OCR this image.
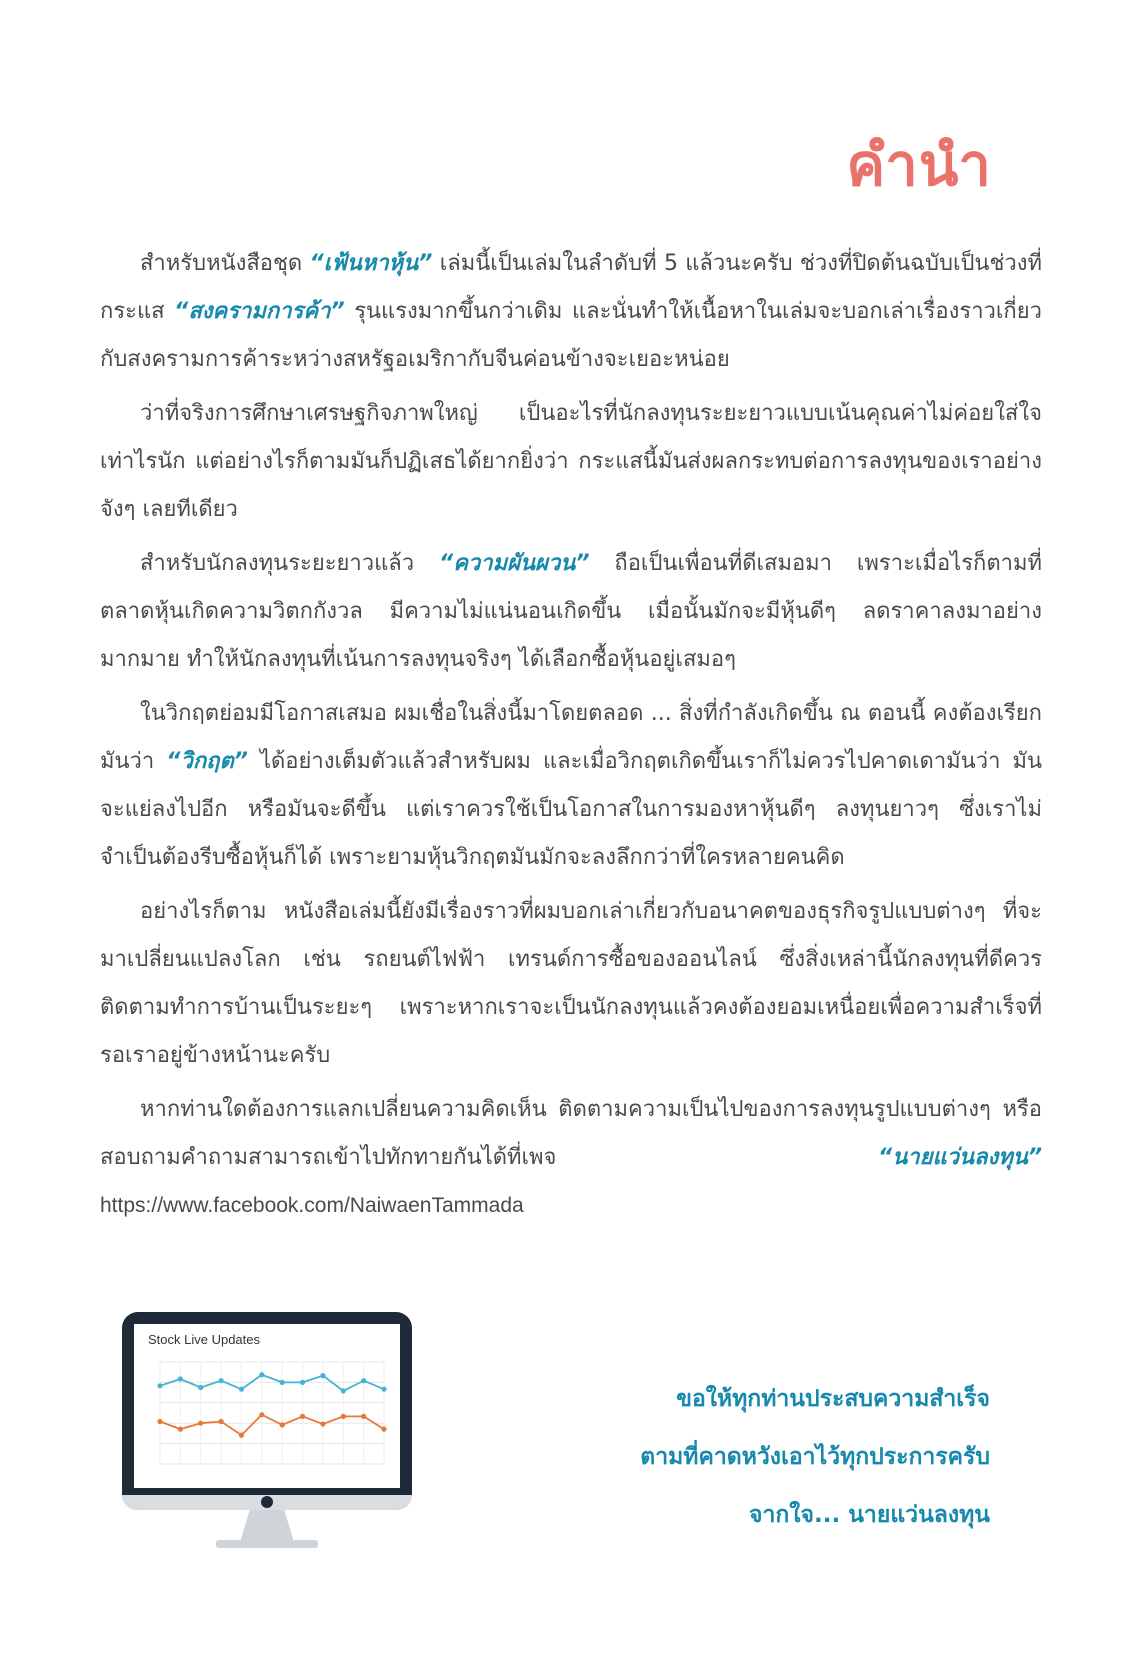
คำนำ

สำหรับหนังสือชุด “เฟ้นหาหุ้น” เล่มนี้เป็นเล่มในลำดับที่ 5 แล้วนะครับ ช่วงที่ปิดต้นฉบับเป็นช่วงที่กระแส “สงครามการค้า” รุนแรงมากขึ้นกว่าเดิม และนั่นทำให้เนื้อหาในเล่มจะบอกเล่าเรื่องราวเกี่ยวกับสงครามการค้าระหว่างสหรัฐอเมริกากับจีนค่อนข้างจะเยอะหน่อย

ว่าที่จริงการศึกษาเศรษฐกิจภาพใหญ่ เป็นอะไรที่นักลงทุนระยะยาวแบบเน้นคุณค่าไม่ค่อยใส่ใจเท่าไรนัก แต่อย่างไรก็ตามมันก็ปฏิเสธได้ยากยิ่งว่า กระแสนี้มันส่งผลกระทบต่อการลงทุนของเราอย่างจังๆ เลยทีเดียว

สำหรับนักลงทุนระยะยาวแล้ว “ความผันผวน” ถือเป็นเพื่อนที่ดีเสมอมา เพราะเมื่อไรก็ตามที่ตลาดหุ้นเกิดความวิตกกังวล มีความไม่แน่นอนเกิดขึ้น เมื่อนั้นมักจะมีหุ้นดีๆ ลดราคาลงมาอย่างมากมาย ทำให้นักลงทุนที่เน้นการลงทุนจริงๆ ได้เลือกซื้อหุ้นอยู่เสมอๆ

ในวิกฤตย่อมมีโอกาสเสมอ ผมเชื่อในสิ่งนี้มาโดยตลอด ... สิ่งที่กำลังเกิดขึ้น ณ ตอนนี้ คงต้องเรียกมันว่า “วิกฤต” ได้อย่างเต็มตัวแล้วสำหรับผม และเมื่อวิกฤตเกิดขึ้นเราก็ไม่ควรไปคาดเดามันว่า มันจะแย่ลงไปอีก หรือมันจะดีขึ้น แต่เราควรใช้เป็นโอกาสในการมองหาหุ้นดีๆ ลงทุนยาวๆ ซึ่งเราไม่จำเป็นต้องรีบซื้อหุ้นก็ได้ เพราะยามหุ้นวิกฤตมันมักจะลงลึกกว่าที่ใครหลายคนคิด

อย่างไรก็ตาม หนังสือเล่มนี้ยังมีเรื่องราวที่ผมบอกเล่าเกี่ยวกับอนาคตของธุรกิจรูปแบบต่างๆ ที่จะมาเปลี่ยนแปลงโลก เช่น รถยนต์ไฟฟ้า เทรนด์การซื้อของออนไลน์ ซึ่งสิ่งเหล่านี้นักลงทุนที่ดีควรติดตามทำการบ้านเป็นระยะๆ เพราะหากเราจะเป็นนักลงทุนแล้วคงต้องยอมเหนื่อยเพื่อความสำเร็จที่รอเราอยู่ข้างหน้านะครับ

หากท่านใดต้องการแลกเปลี่ยนความคิดเห็น ติดตามความเป็นไปของการลงทุนรูปแบบต่างๆ หรือสอบถามคำถามสามารถเข้าไปทักทายกันได้ที่เพจ “นายแว่นลงทุน” https://www.facebook.com/NaiwaenTammada

Stock Live Updates
ขอให้ทุกท่านประสบความสำเร็จ
ตามที่คาดหวังเอาไว้ทุกประการครับ
จากใจ... นายแว่นลงทุน
